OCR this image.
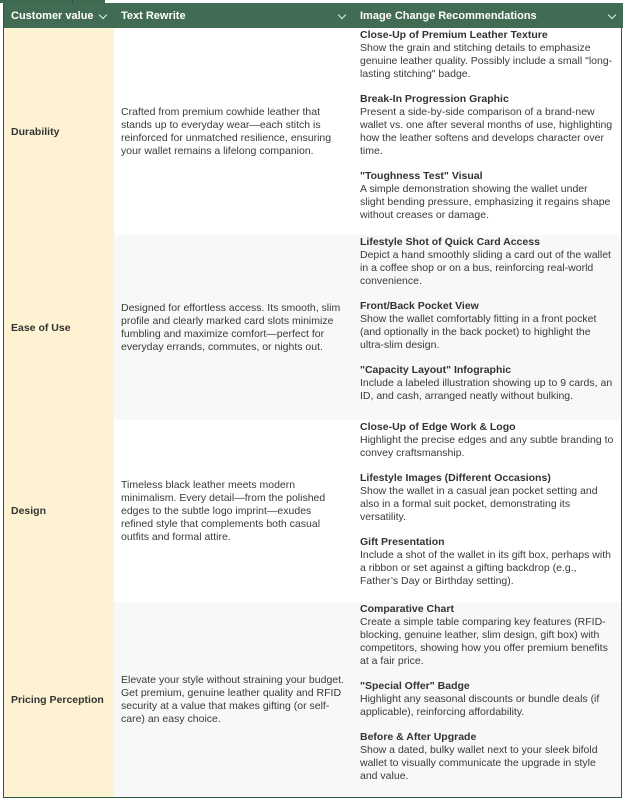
Customer value Text Rewrite	Image Change Recommendations
Durability
Crafted from premium cowhide leather that stands up to everyday wear—each stitch is reinforced for unmatched resilience, ensuring your wallet remains a lifelong companion.
Close-Up of Premium Leather Texture
Show the grain and stitching details to emphasize genuine leather quality. Possibly include a small "long-lasting stitching" badge.
Break-In Progression Graphic
Present a side-by-side comparison of a brand-new wallet vs. one after several months of use, highlighting how the leather softens and develops character over time.
"Toughness Test" Visual
A simple demonstration showing the wallet under slight bending pressure, emphasizing it regains shape without creases or damage.
Ease of Use
Designed for effortless access. Its smooth, slim profile and clearly marked card slots minimize fumbling and maximize comfort—perfect for everyday errands, commutes, or nights out.
Lifestyle Shot of Quick Card Access
Depict a hand smoothly sliding a card out of the wallet in a coffee shop or on a bus, reinforcing real-world convenience.
Front/Back Pocket View
Show the wallet comfortably fitting in a front pocket (and optionally in the back pocket) to highlight the ultra-slim design.
"Capacity Layout" Infographic
Include a labeled illustration showing up to 9 cards, an ID, and cash, arranged neatly without bulking.
Design
Timeless black leather meets modern minimalism. Every detail—from the polished edges to the subtle logo imprint—exudes refined style that complements both casual outfits and formal attire.
Close-Up of Edge Work & Logo
Highlight the precise edges and any subtle branding to convey craftsmanship.
Lifestyle Images (Different Occasions)
Show the wallet in a casual jean pocket setting and also in a formal suit pocket, demonstrating its versatility.
Gift Presentation
Include a shot of the wallet in its gift box, perhaps with a ribbon or set against a gifting backdrop (e.g., Father’s Day or Birthday setting).
Pricing Perception
Elevate your style without straining your budget. Get premium, genuine leather quality and RFID security at a value that makes gifting (or self-care) an easy choice.
Comparative Chart
Create a simple table comparing key features (RFID-blocking, genuine leather, slim design, gift box) with competitors, showing how you offer premium benefits at a fair price.
"Special Offer" Badge
Highlight any seasonal discounts or bundle deals (if applicable), reinforcing affordability.
Before & After Upgrade
Show a dated, bulky wallet next to your sleek bifold wallet to visually communicate the upgrade in style and value.
